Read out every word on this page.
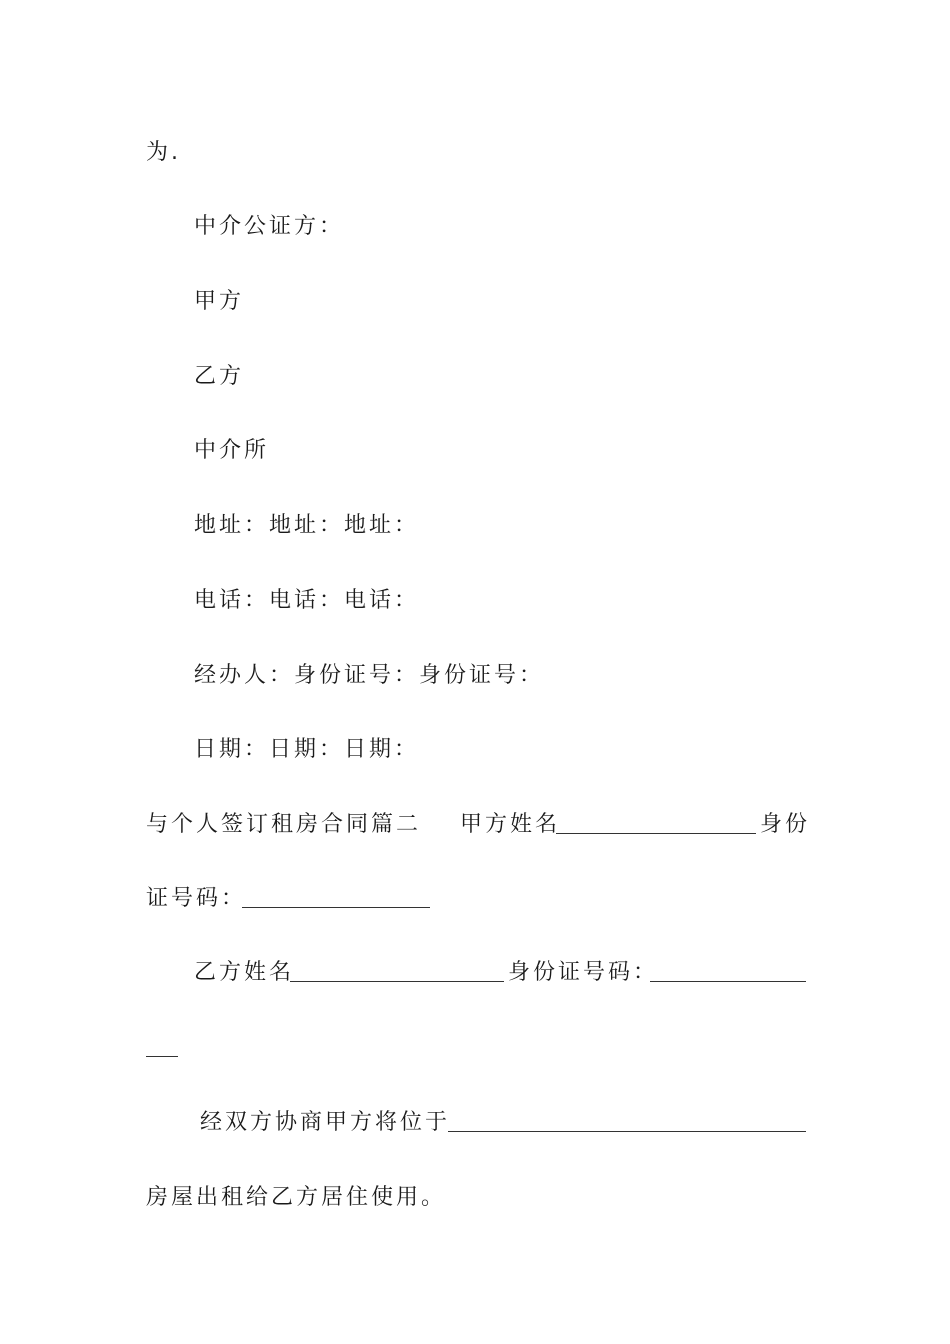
为.
中介公证方：
甲方
乙方
中介所
地址：地址：地址：
电话：电话：电话：
经办人：身份证号：身份证号：
日期：日期：日期：
与个人签订租房合同篇二 甲方姓名	身份
证号码：
乙方姓名	身份证号码：
经双方协商甲方将位于
房屋出租给乙方居住使用。
